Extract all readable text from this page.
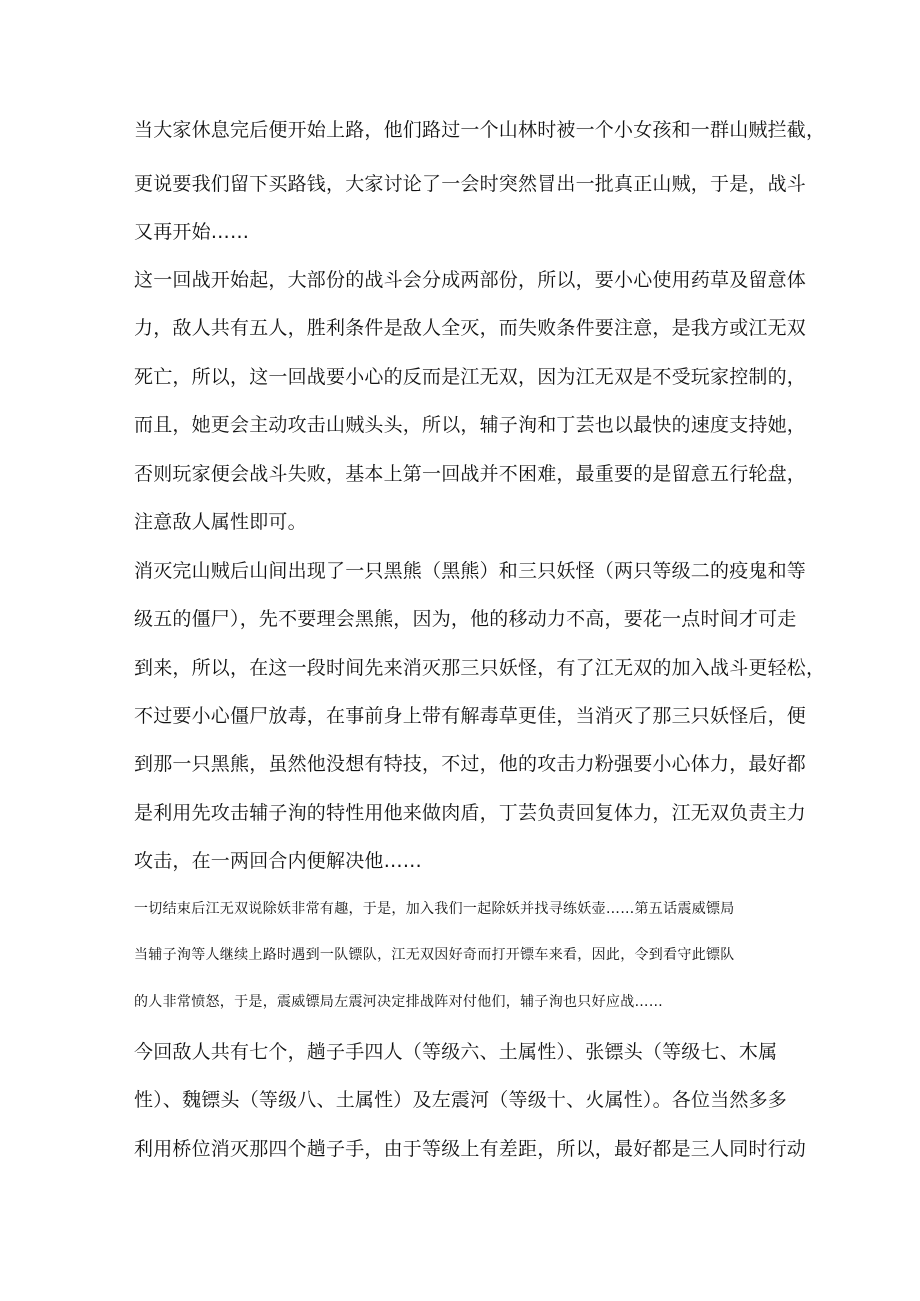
当大家休息完后便开始上路，他们路过一个山林时被一个小女孩和一群山贼拦截，
更说要我们留下买路钱，大家讨论了一会时突然冒出一批真正山贼，于是，战斗
又再开始……
这一回战开始起，大部份的战斗会分成两部份，所以，要小心使用药草及留意体
力，敌人共有五人，胜利条件是敌人全灭，而失败条件要注意，是我方或江无双
死亡，所以，这一回战要小心的反而是江无双，因为江无双是不受玩家控制的，
而且，她更会主动攻击山贼头头，所以，辅子洵和丁芸也以最快的速度支持她，
否则玩家便会战斗失败，基本上第一回战并不困难，最重要的是留意五行轮盘，
注意敌人属性即可。
消灭完山贼后山间出现了一只黑熊（黑熊）和三只妖怪（两只等级二的疫鬼和等
级五的僵尸），先不要理会黑熊，因为，他的移动力不高，要花一点时间才可走
到来，所以，在这一段时间先来消灭那三只妖怪，有了江无双的加入战斗更轻松，
不过要小心僵尸放毒，在事前身上带有解毒草更佳，当消灭了那三只妖怪后，便
到那一只黑熊，虽然他没想有特技，不过，他的攻击力粉强要小心体力，最好都
是利用先攻击辅子洵的特性用他来做肉盾，丁芸负责回复体力，江无双负责主力
攻击，在一两回合内便解决他……
一切结束后江无双说除妖非常有趣，于是，加入我们一起除妖并找寻练妖壶……第五话震威镖局
当辅子洵等人继续上路时遇到一队镖队，江无双因好奇而打开镖车来看，因此，令到看守此镖队
的人非常愤怒，于是，震威镖局左震河决定排战阵对付他们，辅子洵也只好应战……
今回敌人共有七个，趟子手四人（等级六、土属性）、张镖头（等级七、木属
性）、魏镖头（等级八、土属性）及左震河（等级十、火属性）。各位当然多多
利用桥位消灭那四个趟子手，由于等级上有差距，所以，最好都是三人同时行动
